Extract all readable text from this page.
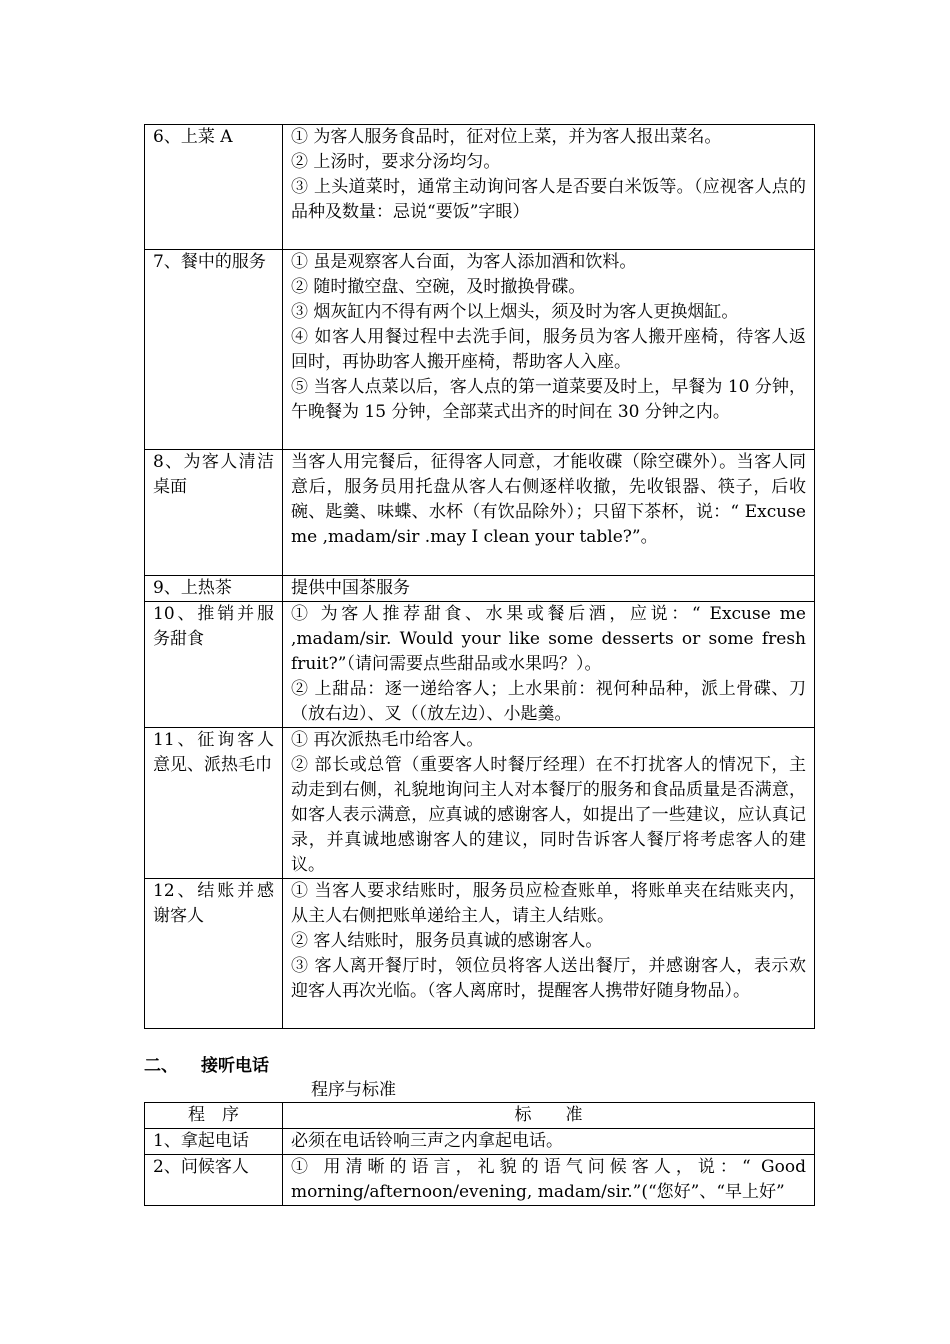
6、上菜 A	① 为客人服务食品时，征对位上菜，并为客人报出菜名。
② 上汤时，要求分汤均匀。
③ 上头道菜时，通常主动询问客人是否要白米饭等。（应视客人点的品种及数量：忌说“要饭”字眼）

7、餐中的服务	① 虽是观察客人台面，为客人添加酒和饮料。
② 随时撤空盘、空碗，及时撤换骨碟。
③ 烟灰缸内不得有两个以上烟头，须及时为客人更换烟缸。
④ 如客人用餐过程中去洗手间，服务员为客人搬开座椅，待客人返回时，再协助客人搬开座椅，帮助客人入座。
⑤ 当客人点菜以后，客人点的第一道菜要及时上，早餐为 10 分钟，午晚餐为 15 分钟，全部菜式出齐的时间在 30 分钟之内。

8、为客人清洁桌面	当客人用完餐后，征得客人同意，才能收碟（除空碟外）。当客人同意后，服务员用托盘从客人右侧逐样收撤，先收银器、筷子，后收碗、匙羹、味蝶、水杯（有饮品除外）；只留下茶杯，说：“ Excuse me ,madam/sir .may I clean your table?”。

9、上热茶	提供中国茶服务

10、推销并服务甜食	① 为客人推荐甜食、水果或餐后酒，应说：“ Excuse me ,madam/sir. Would your like some desserts or some fresh fruit?”（请问需要点些甜品或水果吗？）。
② 上甜品：逐一递给客人；上水果前：视何种品种，派上骨碟、刀（放右边）、叉（（放左边）、小匙羹。

11、征询客人意见、派热毛巾	① 再次派热毛巾给客人。
② 部长或总管（重要客人时餐厅经理）在不打扰客人的情况下，主动走到右侧，礼貌地询问主人对本餐厅的服务和食品质量是否满意，如客人表示满意，应真诚的感谢客人，如提出了一些建议，应认真记录，并真诚地感谢客人的建议，同时告诉客人餐厅将考虑客人的建议。

12、结账并感谢客人	① 当客人要求结账时，服务员应检查账单，将账单夹在结账夹内，从主人右侧把账单递给主人，请主人结账。
② 客人结账时，服务员真诚的感谢客人。
③ 客人离开餐厅时，领位员将客人送出餐厅，并感谢客人，表示欢迎客人再次光临。（客人离席时，提醒客人携带好随身物品）。
二、 接听电话
程序与标准
程　序	标　　准
1、拿起电话	必须在电话铃响三声之内拿起电话。

2、问候客人	① 用清晰的语言，礼貌的语气问候客人，说：“ Good morning/afternoon/evening, madam/sir.”(“您好”、“早上好”
